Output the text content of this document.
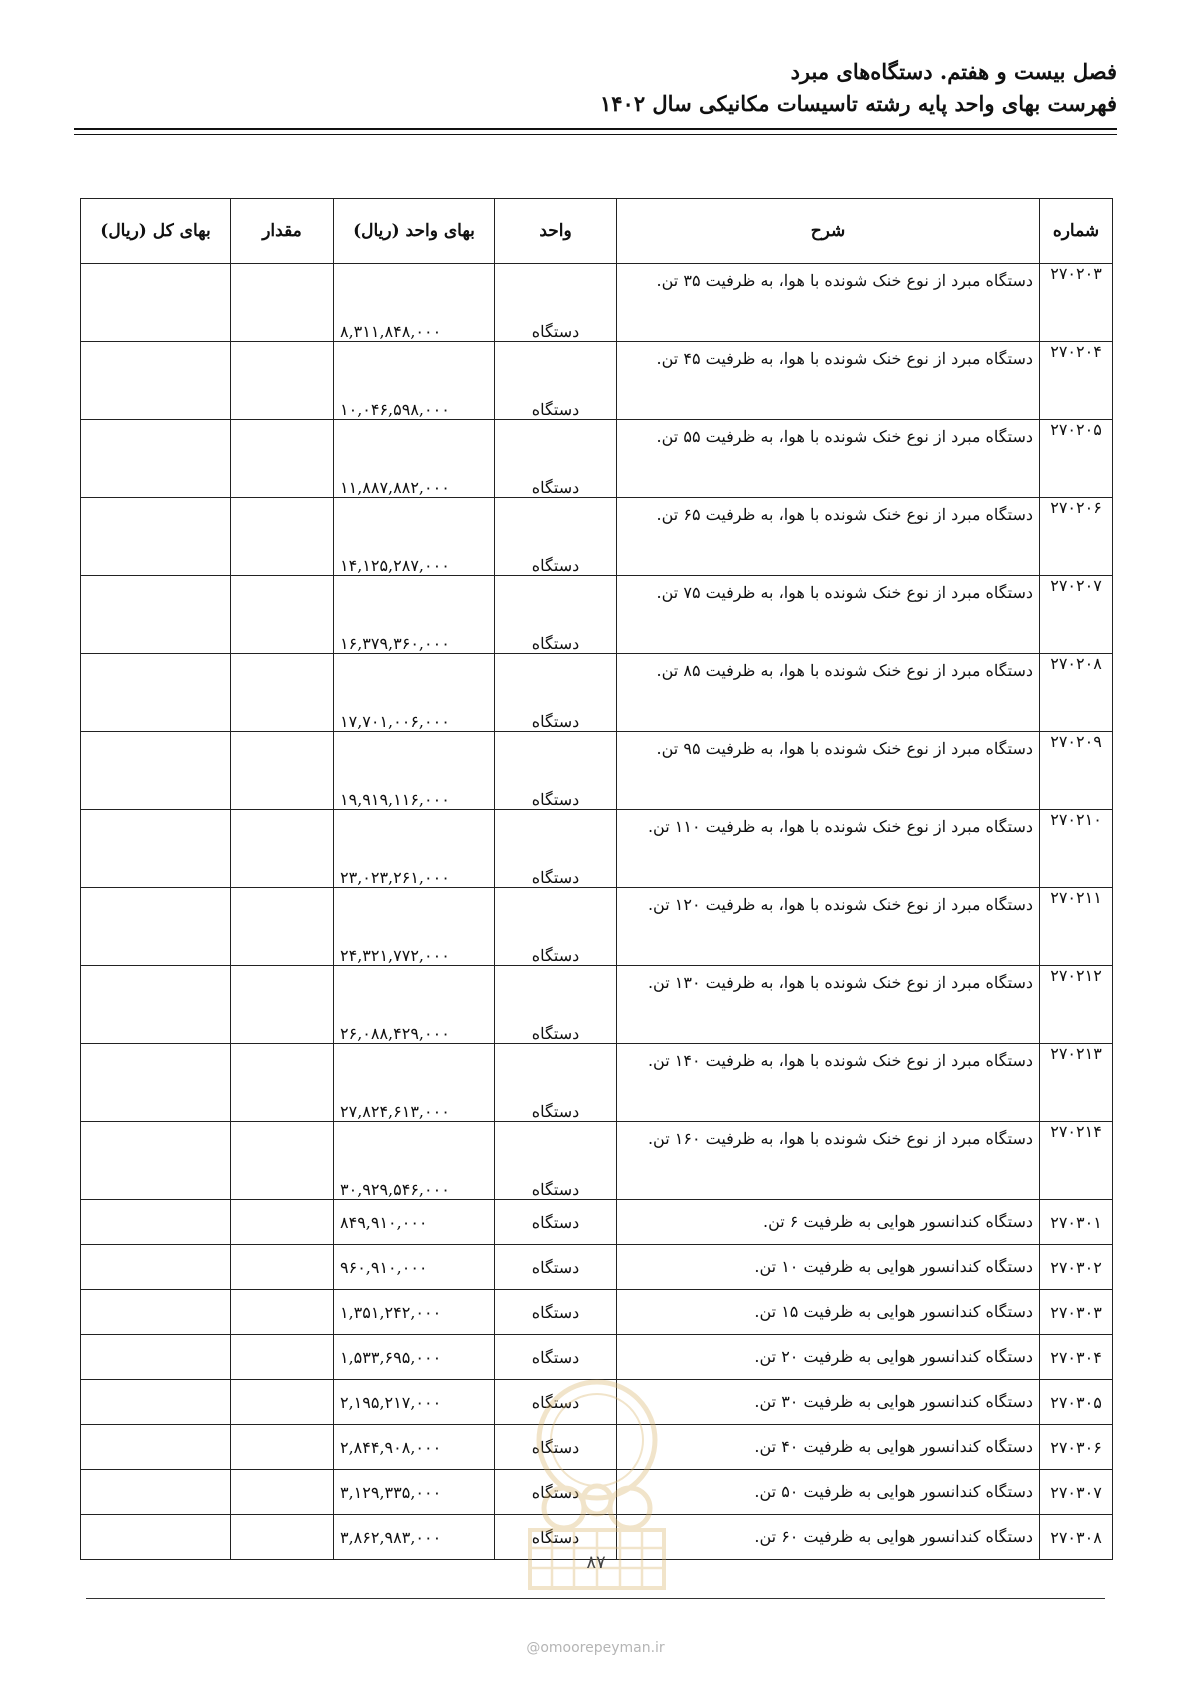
فصل بیست و هفتم. دستگاه‌های مبرد

فهرست بهای واحد پایه رشته تاسیسات مکانیکی سال ۱۴۰۲

شماره	شرح	واحد	بهای واحد (ریال)	مقدار	بهای کل (ریال)
۲۷۰۲۰۳	دستگاه مبرد از نوع خنک شونده با هوا، به ظرفیت ۳۵ تن.	دستگاه	۸,۳۱۱,۸۴۸,۰۰۰		
۲۷۰۲۰۴	دستگاه مبرد از نوع خنک شونده با هوا، به ظرفیت ۴۵ تن.	دستگاه	۱۰,۰۴۶,۵۹۸,۰۰۰		
۲۷۰۲۰۵	دستگاه مبرد از نوع خنک شونده با هوا، به ظرفیت ۵۵ تن.	دستگاه	۱۱,۸۸۷,۸۸۲,۰۰۰		
۲۷۰۲۰۶	دستگاه مبرد از نوع خنک شونده با هوا، به ظرفیت ۶۵ تن.	دستگاه	۱۴,۱۲۵,۲۸۷,۰۰۰		
۲۷۰۲۰۷	دستگاه مبرد از نوع خنک شونده با هوا، به ظرفیت ۷۵ تن.	دستگاه	۱۶,۳۷۹,۳۶۰,۰۰۰		
۲۷۰۲۰۸	دستگاه مبرد از نوع خنک شونده با هوا، به ظرفیت ۸۵ تن.	دستگاه	۱۷,۷۰۱,۰۰۶,۰۰۰		
۲۷۰۲۰۹	دستگاه مبرد از نوع خنک شونده با هوا، به ظرفیت ۹۵ تن.	دستگاه	۱۹,۹۱۹,۱۱۶,۰۰۰		
۲۷۰۲۱۰	دستگاه مبرد از نوع خنک شونده با هوا، به ظرفیت ۱۱۰ تن.	دستگاه	۲۳,۰۲۳,۲۶۱,۰۰۰		
۲۷۰۲۱۱	دستگاه مبرد از نوع خنک شونده با هوا، به ظرفیت ۱۲۰ تن.	دستگاه	۲۴,۳۲۱,۷۷۲,۰۰۰		
۲۷۰۲۱۲	دستگاه مبرد از نوع خنک شونده با هوا، به ظرفیت ۱۳۰ تن.	دستگاه	۲۶,۰۸۸,۴۲۹,۰۰۰		
۲۷۰۲۱۳	دستگاه مبرد از نوع خنک شونده با هوا، به ظرفیت ۱۴۰ تن.	دستگاه	۲۷,۸۲۴,۶۱۳,۰۰۰		
۲۷۰۲۱۴	دستگاه مبرد از نوع خنک شونده با هوا، به ظرفیت ۱۶۰ تن.	دستگاه	۳۰,۹۲۹,۵۴۶,۰۰۰		
۲۷۰۳۰۱	دستگاه کندانسور هوایی به ظرفیت ۶ تن.	دستگاه	۸۴۹,۹۱۰,۰۰۰		
۲۷۰۳۰۲	دستگاه کندانسور هوایی به ظرفیت ۱۰ تن.	دستگاه	۹۶۰,۹۱۰,۰۰۰		
۲۷۰۳۰۳	دستگاه کندانسور هوایی به ظرفیت ۱۵ تن.	دستگاه	۱,۳۵۱,۲۴۲,۰۰۰		
۲۷۰۳۰۴	دستگاه کندانسور هوایی به ظرفیت ۲۰ تن.	دستگاه	۱,۵۳۳,۶۹۵,۰۰۰		
۲۷۰۳۰۵	دستگاه کندانسور هوایی به ظرفیت ۳۰ تن.	دستگاه	۲,۱۹۵,۲۱۷,۰۰۰		
۲۷۰۳۰۶	دستگاه کندانسور هوایی به ظرفیت ۴۰ تن.	دستگاه	۲,۸۴۴,۹۰۸,۰۰۰		
۲۷۰۳۰۷	دستگاه کندانسور هوایی به ظرفیت ۵۰ تن.	دستگاه	۳,۱۲۹,۳۳۵,۰۰۰		
۲۷۰۳۰۸	دستگاه کندانسور هوایی به ظرفیت ۶۰ تن.	دستگاه	۳,۸۶۲,۹۸۳,۰۰۰		
۸۷
@omoorepeyman.ir
